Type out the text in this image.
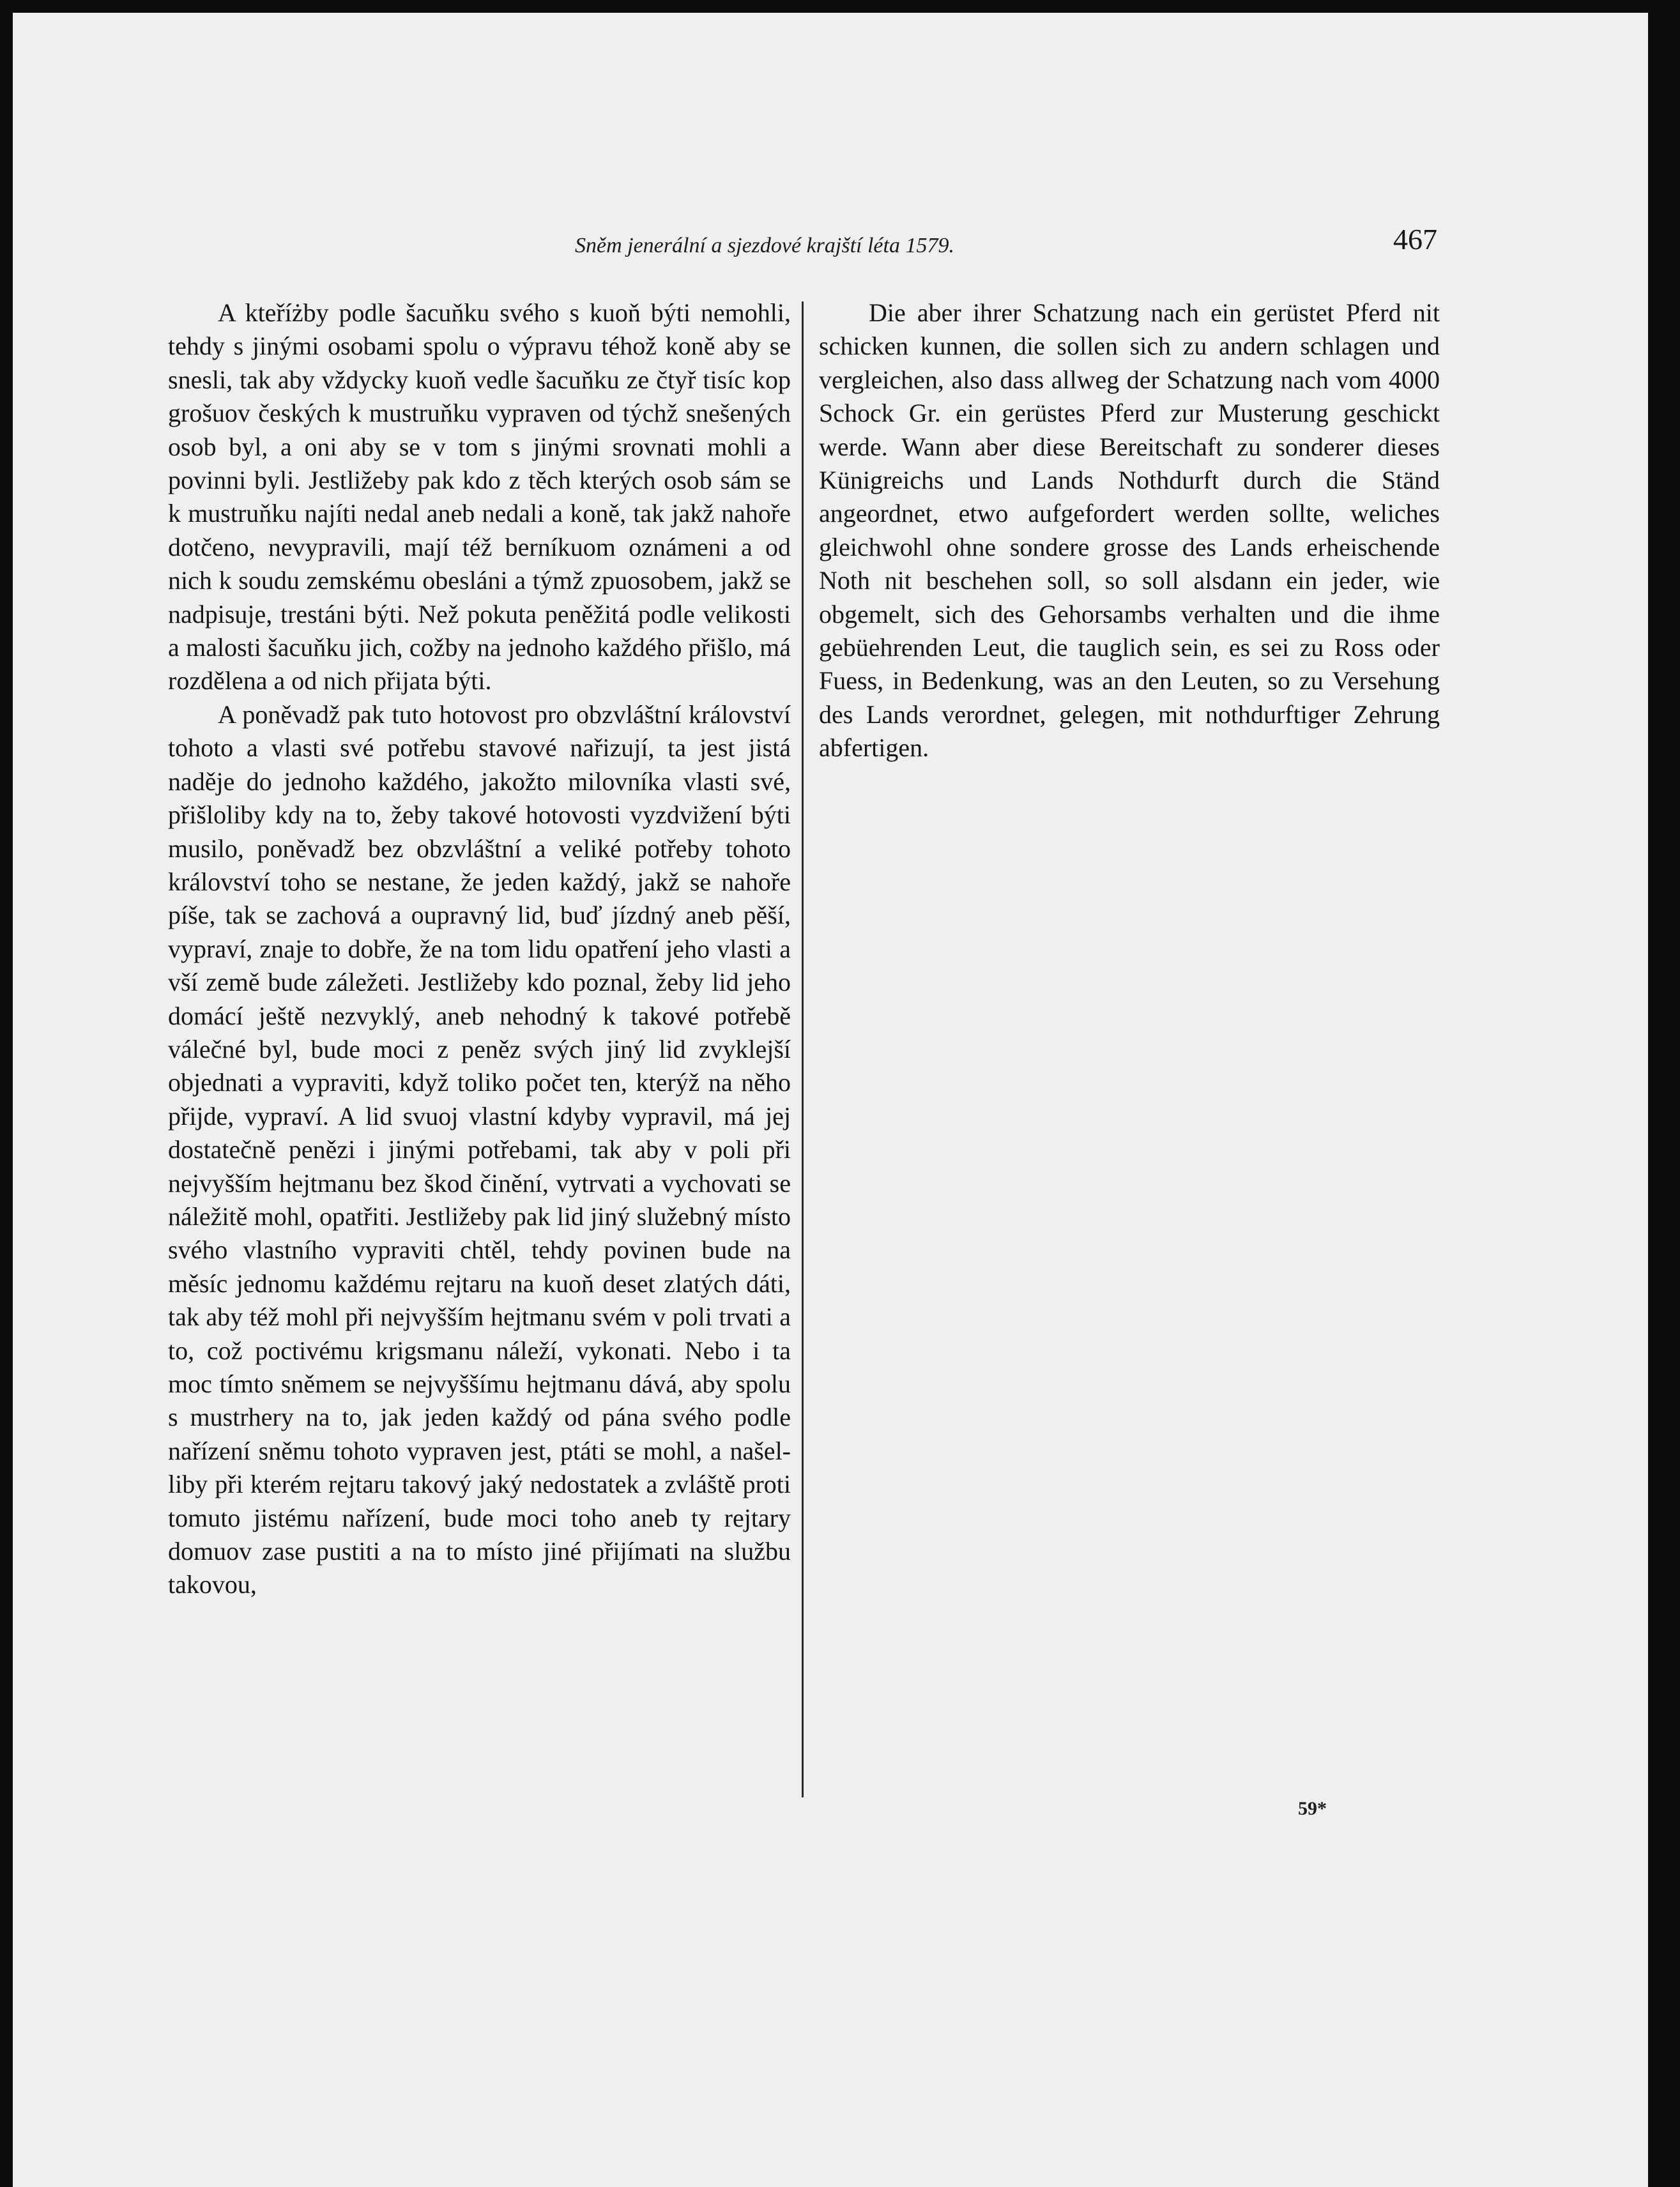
Sněm jenerální a sjezdové krajští léta 1579.	467

A kteříżby podle šacuňku svého s kuoň býti nemohli, tehdy s jinými osobami spolu o výpravu téhož koně aby se snesli, tak aby vždycky kuoň vedle šacuňku ze čtyř tisíc kop grošuov českých k mustruňku vypraven od týchž snešených osob byl, a oni aby se v tom s jinými srovnati mohli a povinni byli. Jestližeby pak kdo z těch kterých osob sám se k mustruňku najíti nedal aneb nedali a koně, tak jakž nahoře dotčeno, nevypravili, mají též berníkuom oznámeni a od nich k soudu zemskému obesláni a týmž zpuosobem, jakž se nadpisuje, trestáni býti. Než pokuta peněžitá podle velikosti a malosti šacuňku jich, cožby na jednoho každého přišlo, má rozdělena a od nich přijata býti.

A poněvadž pak tuto hotovost pro obzvláštní království tohoto a vlasti své potřebu stavové nařizují, ta jest jistá naděje do jednoho každého, jakožto milovníka vlasti své, přišloliby kdy na to, žeby takové hotovosti vyzdvižení býti musilo, poněvadž bez obzvláštní a veliké potřeby tohoto království toho se nestane, že jeden každý, jakž se nahoře píše, tak se zachová a oupravný lid, buď jízdný aneb pěší, vypraví, znaje to dobře, že na tom lidu opatření jeho vlasti a vší země bude záležeti. Jestližeby kdo poznal, žeby lid jeho domácí ještě nezvyklý, aneb nehodný k takové potřebě válečné byl, bude moci z peněz svých jiný lid zvyklejší objednati a vypraviti, když toliko počet ten, kterýž na něho přijde, vypraví. A lid svuoj vlastní kdyby vypravil, má jej dostatečně penězi i jinými potřebami, tak aby v poli při nejvyšším hejtmanu bez škod činění, vytrvati a vychovati se náležitě mohl, opatřiti. Jestližeby pak lid jiný služebný místo svého vlastního vypraviti chtěl, tehdy povinen bude na měsíc jednomu každému rejtaru na kuoň deset zlatých dáti, tak aby též mohl při nejvyšším hejtmanu svém v poli trvati a to, což poctivému krigsmanu náleží, vykonati. Nebo i ta moc tímto sněmem se nejvyššímu hejtmanu dává, aby spolu s mustrhery na to, jak jeden každý od pána svého podle nařízení sněmu tohoto vypraven jest, ptáti se mohl, a našel-liby při kterém rejtaru takový jaký nedostatek a zvláště proti tomuto jistému nařízení, bude moci toho aneb ty rejtary domuov zase pustiti a na to místo jiné přijímati na službu takovou,

Die aber ihrer Schatzung nach ein gerüstet Pferd nit schicken kunnen, die sollen sich zu andern schlagen und vergleichen, also dass allweg der Schatzung nach vom 4000 Schock Gr. ein gerüstes Pferd zur Musterung geschickt werde. Wann aber diese Bereitschaft zu sonderer dieses Künigreichs und Lands Nothdurft durch die Ständ angeordnet, etwo aufgefordert werden sollte, weliches gleichwohl ohne sondere grosse des Lands erheischende Noth nit beschehen soll, so soll alsdann ein jeder, wie obgemelt, sich des Gehorsambs verhalten und die ihme gebüehrenden Leut, die tauglich sein, es sei zu Ross oder Fuess, in Bedenkung, was an den Leuten, so zu Versehung des Lands verordnet, gelegen, mit nothdurftiger Zehrung abfertigen.

59*
